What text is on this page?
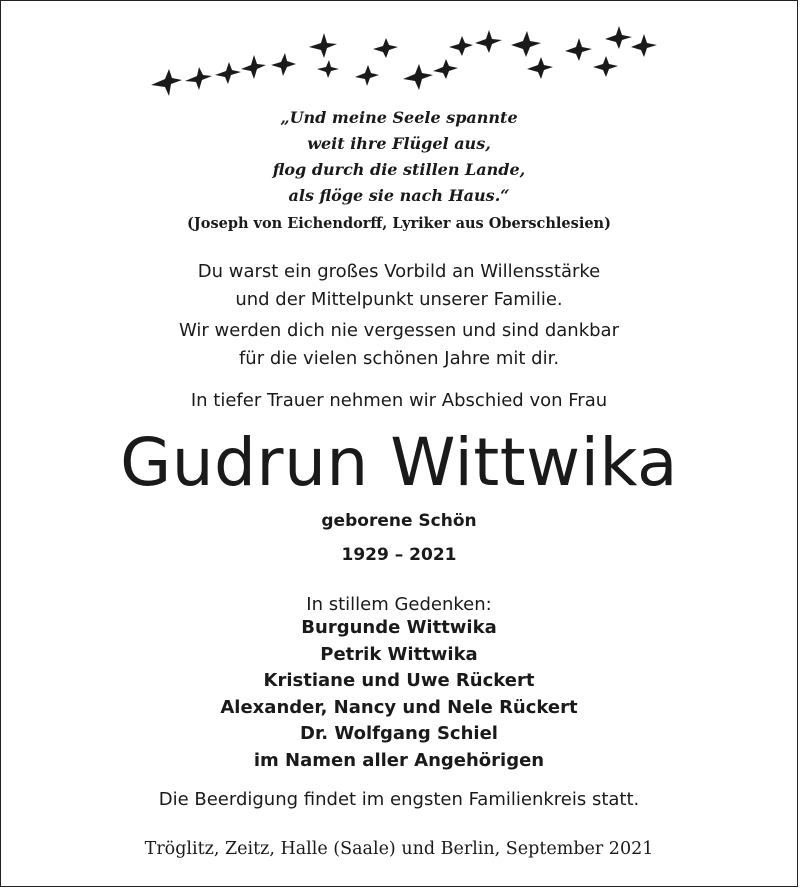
„Und meine Seele spannte
weit ihre Flügel aus,
flog durch die stillen Lande,
als flöge sie nach Haus.“
(Joseph von Eichendorff, Lyriker aus Oberschlesien)
Du warst ein großes Vorbild an Willensstärke
und der Mittelpunkt unserer Familie.
Wir werden dich nie vergessen und sind dankbar
für die vielen schönen Jahre mit dir.
In tiefer Trauer nehmen wir Abschied von Frau
Gudrun Wittwika
geborene Schön
1929 – 2021
In stillem Gedenken:
Burgunde Wittwika
Petrik Wittwika
Kristiane und Uwe Rückert
Alexander, Nancy und Nele Rückert
Dr. Wolfgang Schiel
im Namen aller Angehörigen
Die Beerdigung findet im engsten Familienkreis statt.
Tröglitz, Zeitz, Halle (Saale) und Berlin, September 2021
